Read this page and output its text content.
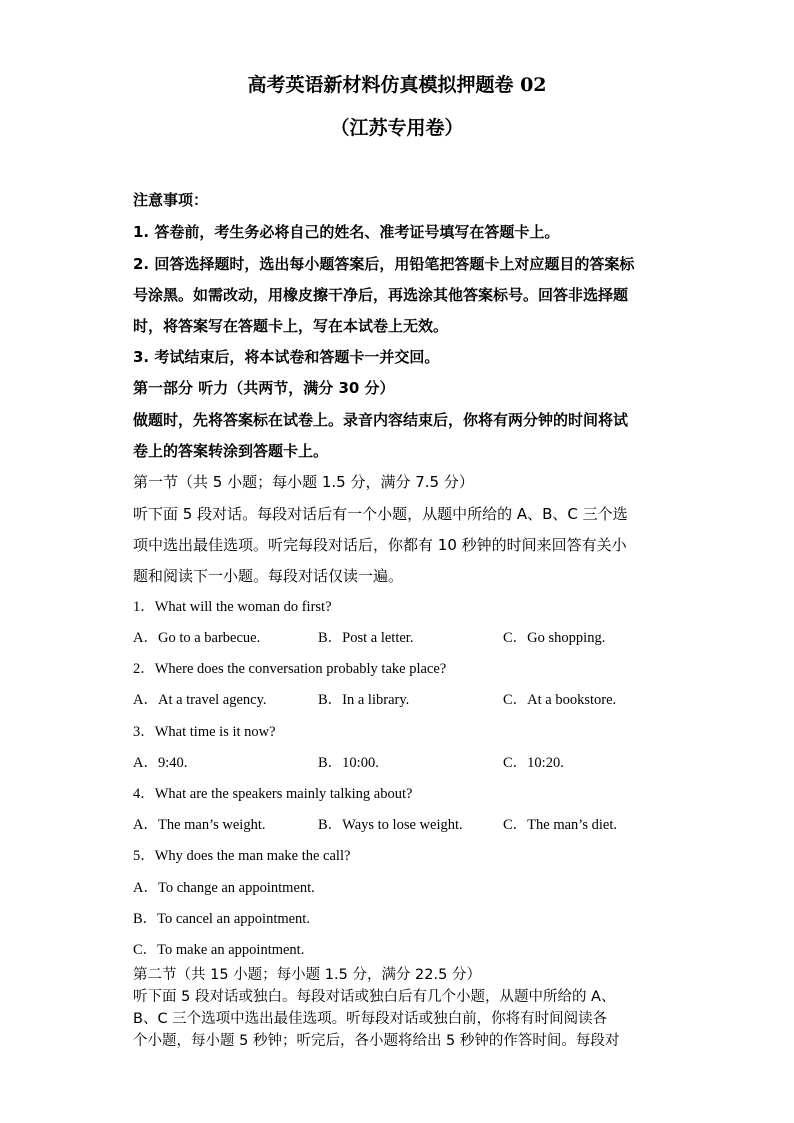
高考英语新材料仿真模拟押题卷 02
（江苏专用卷）
注意事项：
1. 答卷前，考生务必将自己的姓名、准考证号填写在答题卡上。
2. 回答选择题时，选出每小题答案后，用铅笔把答题卡上对应题目的答案标
号涂黑。如需改动，用橡皮擦干净后，再选涂其他答案标号。回答非选择题
时，将答案写在答题卡上，写在本试卷上无效。
3. 考试结束后，将本试卷和答题卡一并交回。
第一部分 听力（共两节，满分 30 分）
做题时，先将答案标在试卷上。录音内容结束后，你将有两分钟的时间将试
卷上的答案转涂到答题卡上。
第一节（共 5 小题；每小题 1.5 分，满分 7.5 分）
听下面 5 段对话。每段对话后有一个小题，从题中所给的 A、B、C 三个选
项中选出最佳选项。听完每段对话后，你都有 10 秒钟的时间来回答有关小
题和阅读下一小题。每段对话仅读一遍。
1．What will the woman do first?
A．Go to a barbecue.	B．Post a letter.	C．Go shopping.
2．Where does the conversation probably take place?
A．At a travel agency.	B．In a library.	C．At a bookstore.
3．What time is it now?
A．9:40.	B．10:00.	C．10:20.
4．What are the speakers mainly talking about?
A．The man’s weight.	B．Ways to lose weight.	C．The man’s diet.
5．Why does the man make the call?
A．To change an appointment.
B．To cancel an appointment.
C．To make an appointment.
第二节（共 15 小题；每小题 1.5 分，满分 22.5 分）
听下面 5 段对话或独白。每段对话或独白后有几个小题，从题中所给的 A、
B、C 三个选项中选出最佳选项。听每段对话或独白前，你将有时间阅读各
个小题，每小题 5 秒钟；听完后，各小题将给出 5 秒钟的作答时间。每段对
